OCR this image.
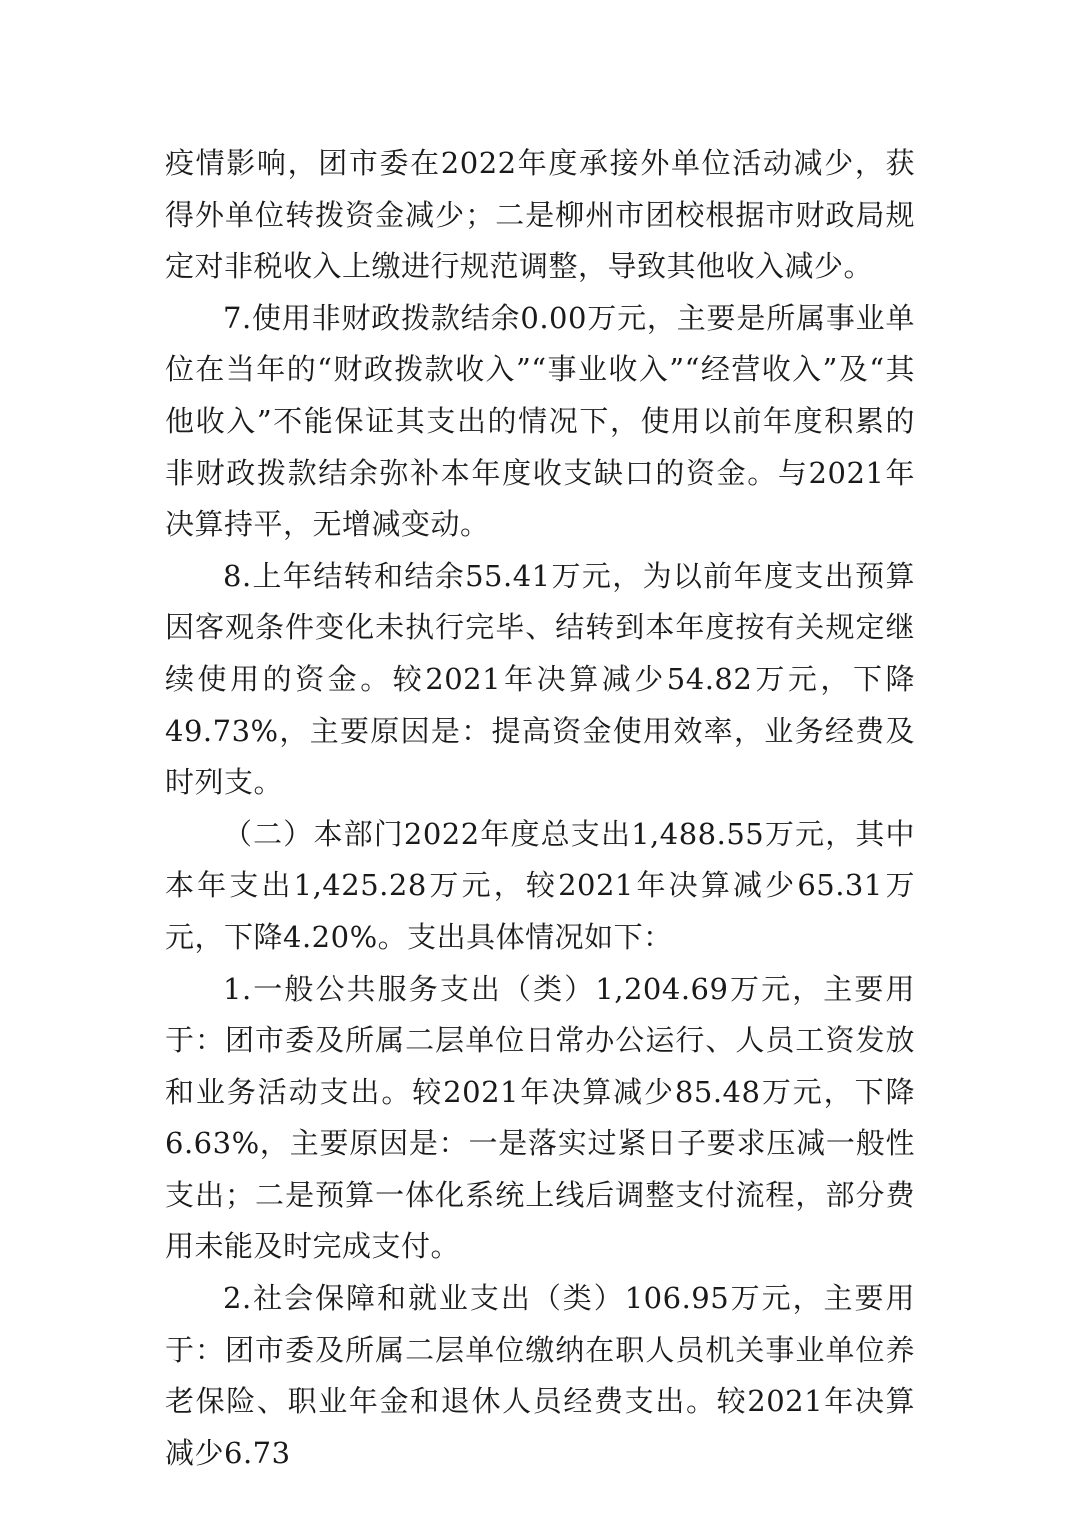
疫情影响，团市委在2022年度承接外单位活动减少，获得外单位转拨资金减少；二是柳州市团校根据市财政局规定对非税收入上缴进行规范调整，导致其他收入减少。

7.使用非财政拨款结余0.00万元，主要是所属事业单位在当年的“财政拨款收入”“事业收入”“经营收入”及“其他收入”不能保证其支出的情况下，使用以前年度积累的非财政拨款结余弥补本年度收支缺口的资金。与2021年决算持平，无增减变动。

8.上年结转和结余55.41万元，为以前年度支出预算因客观条件变化未执行完毕、结转到本年度按有关规定继续使用的资金。较2021年决算减少54.82万元，下降49.73%，主要原因是：提高资金使用效率，业务经费及时列支。

（二）本部门2022年度总支出1,488.55万元，其中本年支出1,425.28万元，较2021年决算减少65.31万元，下降4.20%。支出具体情况如下：

1.一般公共服务支出（类）1,204.69万元，主要用于：团市委及所属二层单位日常办公运行、人员工资发放和业务活动支出。较2021年决算减少85.48万元，下降6.63%，主要原因是：一是落实过紧日子要求压减一般性支出；二是预算一体化系统上线后调整支付流程，部分费用未能及时完成支付。

2.社会保障和就业支出（类）106.95万元，主要用于：团市委及所属二层单位缴纳在职人员机关事业单位养老保险、职业年金和退休人员经费支出。较2021年决算减少6.73
